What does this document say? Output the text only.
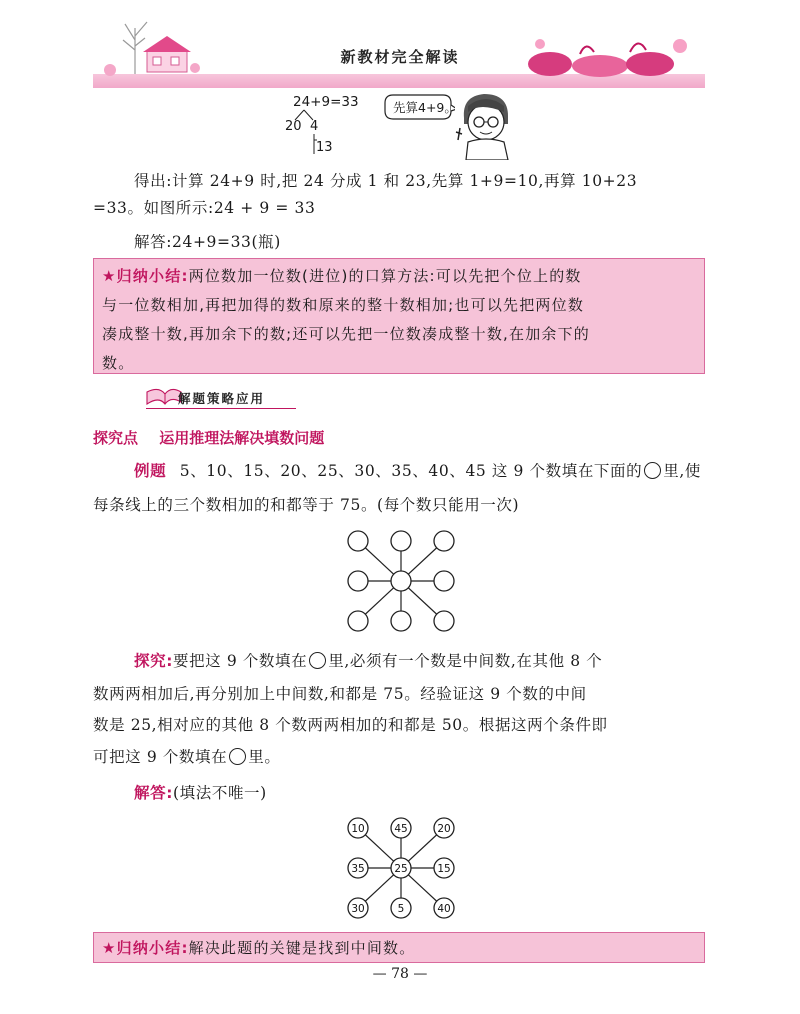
新教材完全解读
24+9=33
20 4
13
先算4+9。
得出:计算 24+9 时,把 24 分成 1 和 23,先算 1+9=10,再算 10+23
=33。如图所示:24 + 9 = 33
解答:24+9=33(瓶)
★归纳小结:两位数加一位数(进位)的口算方法:可以先把个位上的数
与一位数相加,再把加得的数和原来的整十数相加;也可以先把两位数
凑成整十数,再加余下的数;还可以先把一位数凑成整十数,在加余下的
数。
解题策略应用
探究点 运用推理法解决填数问题
例题 5、10、15、20、25、30、35、40、45 这 9 个数填在下面的 里,使
每条线上的三个数相加的和都等于 75。(每个数只能用一次)
探究:要把这 9 个数填在 里,必须有一个数是中间数,在其他 8 个
数两两相加后,再分别加上中间数,和都是 75。经验证这 9 个数的中间
数是 25,相对应的其他 8 个数两两相加的和都是 50。根据这两个条件即
可把这 9 个数填在 里。
解答:(填法不唯一)
10	45	20
35	25	15
30	5	40
★归纳小结:解决此题的关键是找到中间数。
— 78 —
